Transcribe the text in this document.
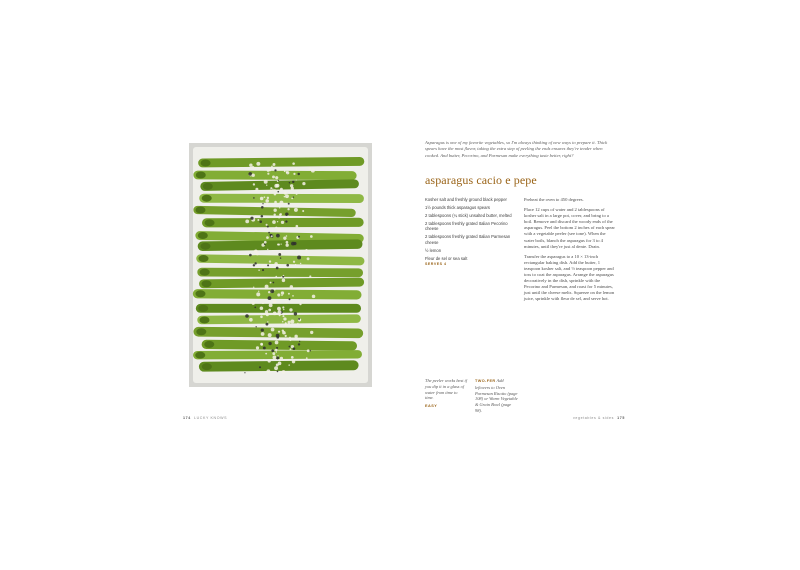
Asparagus is one of my favorite vegetables, so I'm always thinking of new ways to prepare it. Thick spears have the most flavor, taking the extra step of peeling the ends ensures they're tender when cooked. And butter, Pecorino, and Parmesan make everything taste better, right?
asparagus cacio e pepe
Kosher salt and freshly ground black pepper
1½ pounds thick asparagus spears
2 tablespoons (¼ stick) unsalted butter, melted
2 tablespoons freshly grated Italian Pecorino cheese
2 tablespoons freshly grated Italian Parmesan cheese
½ lemon
Fleur de sel or sea salt
SERVES 4

Preheat the oven to 450 degrees.

Place 12 cups of water and 2 tablespoons of kosher salt in a large pot, cover, and bring to a boil. Remove and discard the woody ends of the asparagus. Peel the bottom 2 inches of each spear with a vegetable peeler (see tone). When the water boils, blanch the asparagus for 3 to 4 minutes, until they're just al dente. Drain.

Transfer the asparagus to a 10 × 13-inch rectangular baking dish. Add the butter, 1 teaspoon kosher salt, and ½ teaspoon pepper and toss to coat the asparagus. Arrange the asparagus decoratively in the dish, sprinkle with the Pecorino and Parmesan, and roast for 5 minutes, just until the cheese melts. Squeeze on the lemon juice, sprinkle with fleur de sel, and serve hot.

The peeler works best if you dip it in a glass of water from time to time.
EASY
TWO-FER Add leftovers to Oven Parmesan Risotto (page 108) or Warm Vegetable & Grain Bowl (page 98).
174 LUCKY KNOWS	vegetables & sides 175
